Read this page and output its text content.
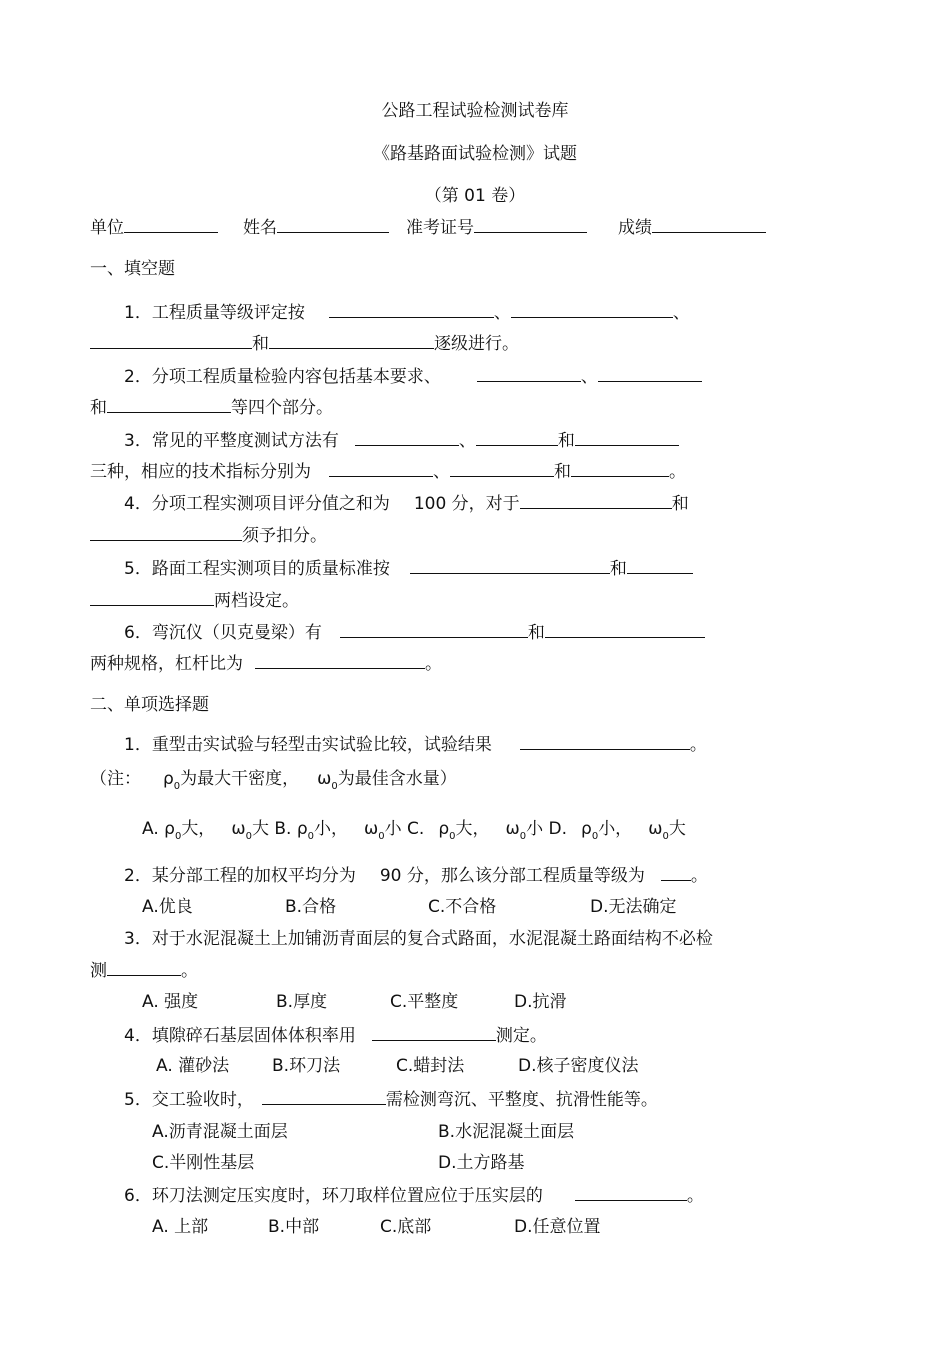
公路工程试验检测试卷库
《路基路面试验检测》试题
（第 01 卷）
单位	姓名	准考证号	成绩
一、填空题
1．工程质量等级评定按	、	、
和	逐级进行。
2．分项工程质量检验内容包括基本要求、	、
和	等四个部分。
3．常见的平整度测试方法有	、	和
三种，相应的技术指标分别为	、	和	。
4．分项工程实测项目评分值之和为 100 分，对于	和
须予扣分。
5．路面工程实测项目的质量标准按	和
两档设定。
6．弯沉仪（贝克曼梁）有	和
两种规格，杠杆比为	。
二、单项选择题
1．重型击实试验与轻型击实试验比较，试验结果	。
（注： $\rho_0$为最大干密度， $\omega_0$为最佳含水量）
A. $\rho_0$大， $\omega_0$大 B. $\rho_0$小， $\omega_0$小 C. $\rho_0$大， $\omega_0$小 D. $\rho_0$小， $\omega_0$大
2．某分部工程的加权平均分为 90 分，那么该分部工程质量等级为	。
A.优良	B.合格	C.不合格	D.无法确定
3．对于水泥混凝土上加铺沥青面层的复合式路面，水泥混凝土路面结构不必检
测	。
A. 强度	B.厚度	C.平整度	D.抗滑
4．填隙碎石基层固体体积率用	测定。
A. 灌砂法	B.环刀法	C.蜡封法	D.核子密度仪法
5．交工验收时，	需检测弯沉、平整度、抗滑性能等。
A.沥青混凝土面层	B.水泥混凝土面层
C.半刚性基层	D.土方路基
6．环刀法测定压实度时，环刀取样位置应位于压实层的	。
A. 上部	B.中部	C.底部	D.任意位置
